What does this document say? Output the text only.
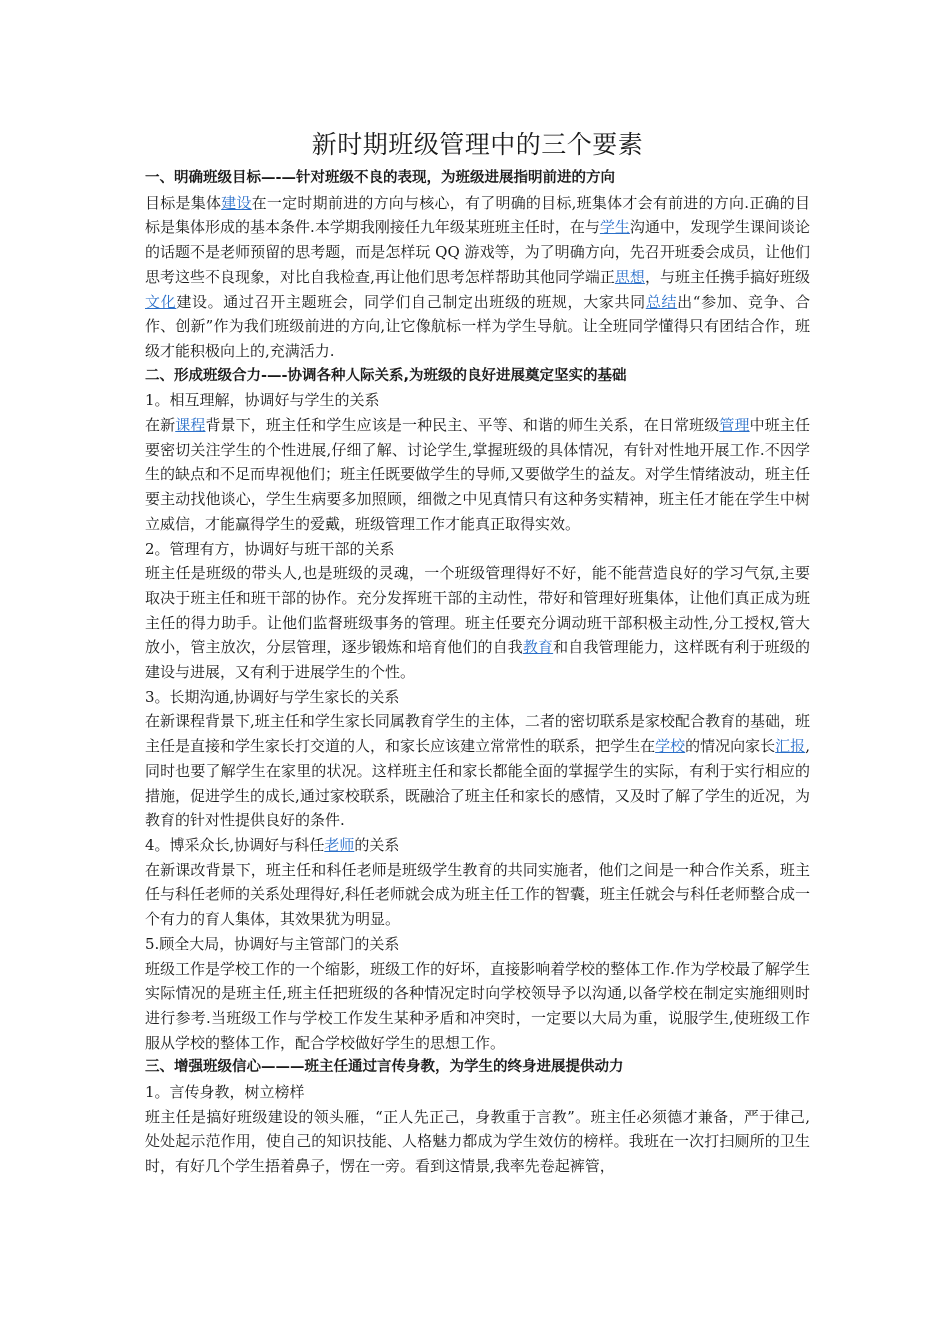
新时期班级管理中的三个要素

一、明确班级目标—-—针对班级不良的表现，为班级进展指明前进的方向

目标是集体建设在一定时期前进的方向与核心，有了明确的目标,班集体才会有前进的方向.正确的目标是集体形成的基本条件.本学期我刚接任九年级某班班主任时，在与学生沟通中，发现学生课间谈论的话题不是老师预留的思考题，而是怎样玩 QQ 游戏等，为了明确方向，先召开班委会成员，让他们思考这些不良现象，对比自我检查,再让他们思考怎样帮助其他同学端正思想，与班主任携手搞好班级文化建设。通过召开主题班会，同学们自己制定出班级的班规，大家共同总结出“参加、竞争、合作、创新”作为我们班级前进的方向,让它像航标一样为学生导航。让全班同学懂得只有团结合作，班级才能积极向上的,充满活力.

二、形成班级合力-—-协调各种人际关系,为班级的良好进展奠定坚实的基础

1。相互理解，协调好与学生的关系

在新课程背景下，班主任和学生应该是一种民主、平等、和谐的师生关系，在日常班级管理中班主任要密切关注学生的个性进展,仔细了解、讨论学生,掌握班级的具体情况，有针对性地开展工作.不因学生的缺点和不足而卑视他们；班主任既要做学生的导师,又要做学生的益友。对学生情绪波动，班主任要主动找他谈心，学生生病要多加照顾，细微之中见真情只有这种务实精神，班主任才能在学生中树立威信，才能赢得学生的爱戴，班级管理工作才能真正取得实效。

2。管理有方，协调好与班干部的关系

班主任是班级的带头人,也是班级的灵魂，一个班级管理得好不好，能不能营造良好的学习气氛,主要取决于班主任和班干部的协作。充分发挥班干部的主动性，带好和管理好班集体，让他们真正成为班主任的得力助手。让他们监督班级事务的管理。班主任要充分调动班干部积极主动性,分工授权,管大放小，管主放次，分层管理，逐步锻炼和培育他们的自我教育和自我管理能力，这样既有利于班级的建设与进展，又有利于进展学生的个性。

3。长期沟通,协调好与学生家长的关系

在新课程背景下,班主任和学生家长同属教育学生的主体，二者的密切联系是家校配合教育的基础，班主任是直接和学生家长打交道的人，和家长应该建立常常性的联系，把学生在学校的情况向家长汇报,同时也要了解学生在家里的状况。这样班主任和家长都能全面的掌握学生的实际，有利于实行相应的措施，促进学生的成长,通过家校联系，既融洽了班主任和家长的感情，又及时了解了学生的近况，为教育的针对性提供良好的条件.

4。博采众长,协调好与科任老师的关系

在新课改背景下，班主任和科任老师是班级学生教育的共同实施者，他们之间是一种合作关系，班主任与科任老师的关系处理得好,科任老师就会成为班主任工作的智囊，班主任就会与科任老师整合成一个有力的育人集体，其效果犹为明显。

5.顾全大局，协调好与主管部门的关系

班级工作是学校工作的一个缩影，班级工作的好坏，直接影响着学校的整体工作.作为学校最了解学生实际情况的是班主任,班主任把班级的各种情况定时向学校领导予以沟通,以备学校在制定实施细则时进行参考.当班级工作与学校工作发生某种矛盾和冲突时，一定要以大局为重，说服学生,使班级工作服从学校的整体工作，配合学校做好学生的思想工作。

三、增强班级信心———班主任通过言传身教，为学生的终身进展提供动力

1。言传身教，树立榜样

班主任是搞好班级建设的领头雁，“正人先正己，身教重于言教”。班主任必须德才兼备，严于律己,处处起示范作用，使自己的知识技能、人格魅力都成为学生效仿的榜样。我班在一次打扫厕所的卫生时，有好几个学生捂着鼻子，愣在一旁。看到这情景,我率先卷起裤管，
